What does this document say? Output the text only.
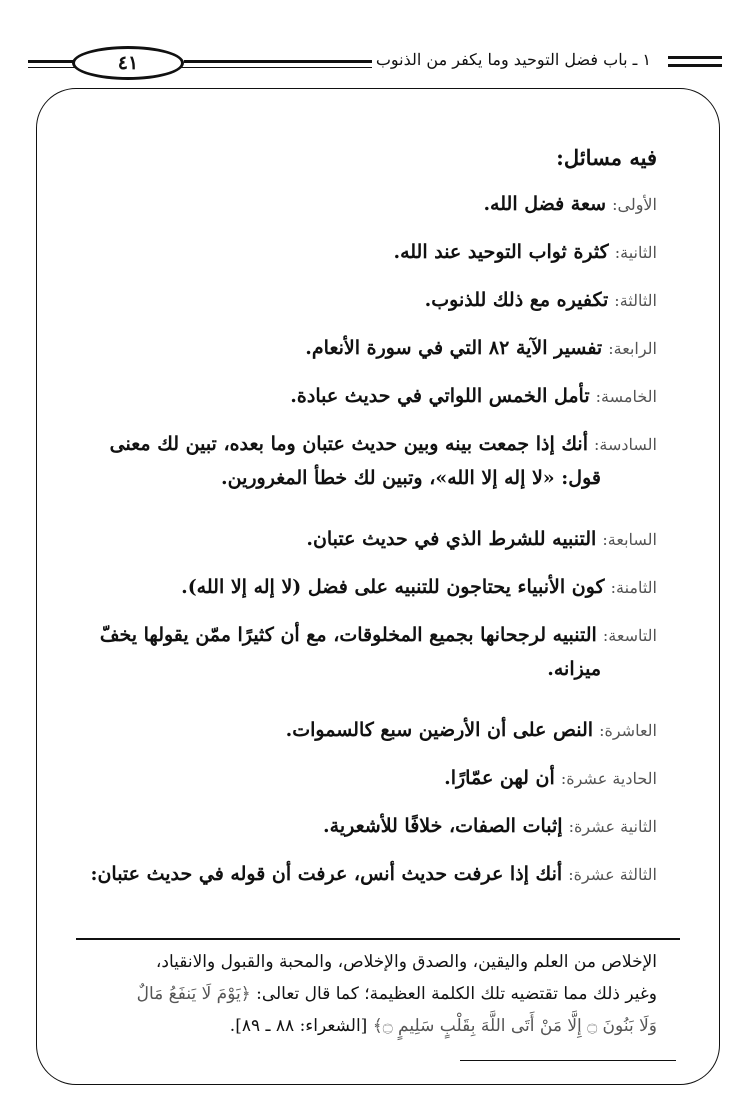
٤١	١ ـ باب فضل التوحيد وما يكفر من الذنوب
فيه مسائل:
الأولى: سعة فضل الله.
الثانية: كثرة ثواب التوحيد عند الله.
الثالثة: تكفيره مع ذلك للذنوب.
الرابعة: تفسير الآية ٨٢ التي في سورة الأنعام.
الخامسة: تأمل الخمس اللواتي في حديث عبادة.
السادسة: أنك إذا جمعت بينه وبين حديث عتبان وما بعده، تبين لك معنى
قول: «لا إله إلا الله»، وتبين لك خطأ المغرورين.
السابعة: التنبيه للشرط الذي في حديث عتبان.
الثامنة: كون الأنبياء يحتاجون للتنبيه على فضل (لا إله إلا الله).
التاسعة: التنبيه لرجحانها بجميع المخلوقات، مع أن كثيرًا ممّن يقولها يخفّ
ميزانه.
العاشرة: النص على أن الأرضين سبع كالسموات.
الحادية عشرة: أن لهن عمّارًا.
الثانية عشرة: إثبات الصفات، خلافًا للأشعرية.
الثالثة عشرة: أنك إذا عرفت حديث أنس، عرفت أن قوله في حديث عتبان:
الإخلاص من العلم واليقين، والصدق والإخلاص، والمحبة والقبول والانقياد،
وغير ذلك مما تقتضيه تلك الكلمة العظيمة؛ كما قال تعالى: ﴿يَوْمَ لَا يَنفَعُ مَالٌ
وَلَا بَنُونَ ۝ إِلَّا مَنْ أَتَى اللَّهَ بِقَلْبٍ سَلِيمٍ ۝﴾ [الشعراء: ٨٨ ـ ٨٩].
